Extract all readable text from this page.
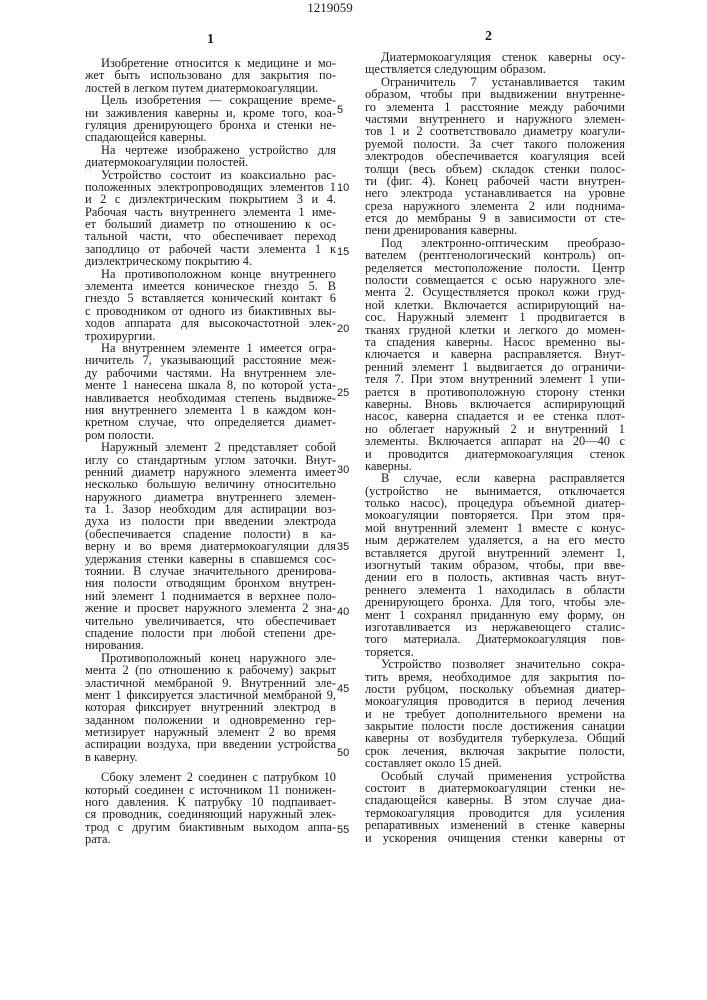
1219059
1	2
Изобретение относится к медицине и мо-
жет быть использовано для закрытия по-
лостей в легком путем диатермокоагуляции.
Цель изобретения — сокращение време-
ни заживления каверны и, кроме того, коа-
гуляция дренирующего бронха и стенки не-
спадающейся каверны.
На чертеже изображено устройство для
диатермокоагуляции полостей.
Устройство состоит из коаксиально рас-
положенных электропроводящих элементов 1
и 2 с диэлектрическим покрытием 3 и 4.
Рабочая часть внутреннего элемента 1 име-
ет больший диаметр по отношению к ос-
тальной части, что обеспечивает переход
заподлицо от рабочей части элемента 1 к
диэлектрическому покрытию 4.
На противоположном конце внутреннего
элемента имеется коническое гнездо 5. В
гнездо 5 вставляется конический контакт 6
с проводником от одного из биактивных вы-
ходов аппарата для высокочастотной элек-
трохирургии.
На внутреннем элементе 1 имеется огра-
ничитель 7, указывающий расстояние меж-
ду рабочими частями. На внутреннем эле-
менте 1 нанесена шкала 8, по которой уста-
навливается необходимая степень выдвиже-
ния внутреннего элемента 1 в каждом кон-
кретном случае, что определяется диамет-
ром полости.
Наружный элемент 2 представляет собой
иглу со стандартным углом заточки. Внут-
ренний диаметр наружного элемента имеет
несколько большую величину относительно
наружного диаметра внутреннего элемен-
та 1. Зазор необходим для аспирации воз-
духа из полости при введении электрода
(обеспечивается спадение полости) в ка-
верну и во время диатермокоагуляции для
удержания стенки каверны в спавшемся сос-
тоянии. В случае значительного дренирова-
ния полости отводящим бронхом внутрен-
ний элемент 1 поднимается в верхнее поло-
жение и просвет наружного элемента 2 зна-
чительно увеличивается, что обеспечивает
спадение полости при любой степени дре-
нирования.
Противоположный конец наружного эле-
мента 2 (по отношению к рабочему) закрыт
эластичной мембраной 9. Внутренний эле-
мент 1 фиксируется эластичной мембраной 9,
которая фиксирует внутренний электрод в
заданном положении и одновременно гер-
метизирует наружный элемент 2 во время
аспирации воздуха, при введении устройства
в каверну.
Сбоку элемент 2 соединен с патрубком 10
который соединен с источником 11 понижен-
ного давления. К патрубку 10 подпаивает-
ся проводник, соединяющий наружный элек-
трод с другим биактивным выходом аппа-
рата.
Диатермокоагуляция стенок каверны осу-
ществляется следующим образом.
Ограничитель 7 устанавливается таким
образом, чтобы при выдвижении внутренне-
го элемента 1 расстояние между рабочими
частями внутреннего и наружного элемен-
тов 1 и 2 соответствовало диаметру коагули-
руемой полости. За счет такого положения
электродов обеспечивается коагуляция всей
толщи (весь объем) складок стенки полос-
ти (фиг. 4). Конец рабочей части внутрен-
него электрода устанавливается на уровне
среза наружного элемента 2 или поднима-
ется до мембраны 9 в зависимости от сте-
пени дренирования каверны.
Под электронно-оптическим преобразо-
вателем (рентгенологический контроль) оп-
ределяется местоположение полости. Центр
полости совмещается с осью наружного эле-
мента 2. Осуществляется прокол кожи груд-
ной клетки. Включается аспирирующий на-
сос. Наружный элемент 1 продвигается в
тканях грудной клетки и легкого до момен-
та спадения каверны. Насос временно вы-
ключается и каверна расправляется. Внут-
ренний элемент 1 выдвигается до ограничи-
теля 7. При этом внутренний элемент 1 упи-
рается в противоположную сторону стенки
каверны. Вновь включается аспирирующий
насос, каверна спадается и ее стенка плот-
но облегает наружный 2 и внутренний 1
элементы. Включается аппарат на 20—40 с
и проводится диатермокоагуляция стенок
каверны.
В случае, если каверна расправляется
(устройство не вынимается, отключается
только насос), процедура объемной диатер-
мокоагуляции повторяется. При этом пря-
мой внутренний элемент 1 вместе с конус-
ным держателем удаляется, а на его место
вставляется другой внутренний элемент 1,
изогнутый таким образом, чтобы, при вве-
дении его в полость, активная часть внут-
реннего элемента 1 находилась в области
дренирующего бронха. Для того, чтобы эле-
мент 1 сохранял приданную ему форму, он
изготавливается из нержавеющего сталис-
того материала. Диатермокоагуляция пов-
торяется.
Устройство позволяет значительно сокра-
тить время, необходимое для закрытия по-
лости рубцом, поскольку объемная диатер-
мокоагуляция проводится в период лечения
и не требует дополнительного времени на
закрытие полости после достижения санации
каверны от возбудителя туберкулеза. Общий
срок лечения, включая закрытие полости,
составляет около 15 дней.
Особый случай применения устройства
состоит в диатермокоагуляции стенки не-
спадающейся каверны. В этом случае диа-
термокоагуляция проводится для усиления
репаративных изменений в стенке каверны
и ускорения очищения стенки каверны от
5
10
15
20
25
30
35
40
45
50
55
